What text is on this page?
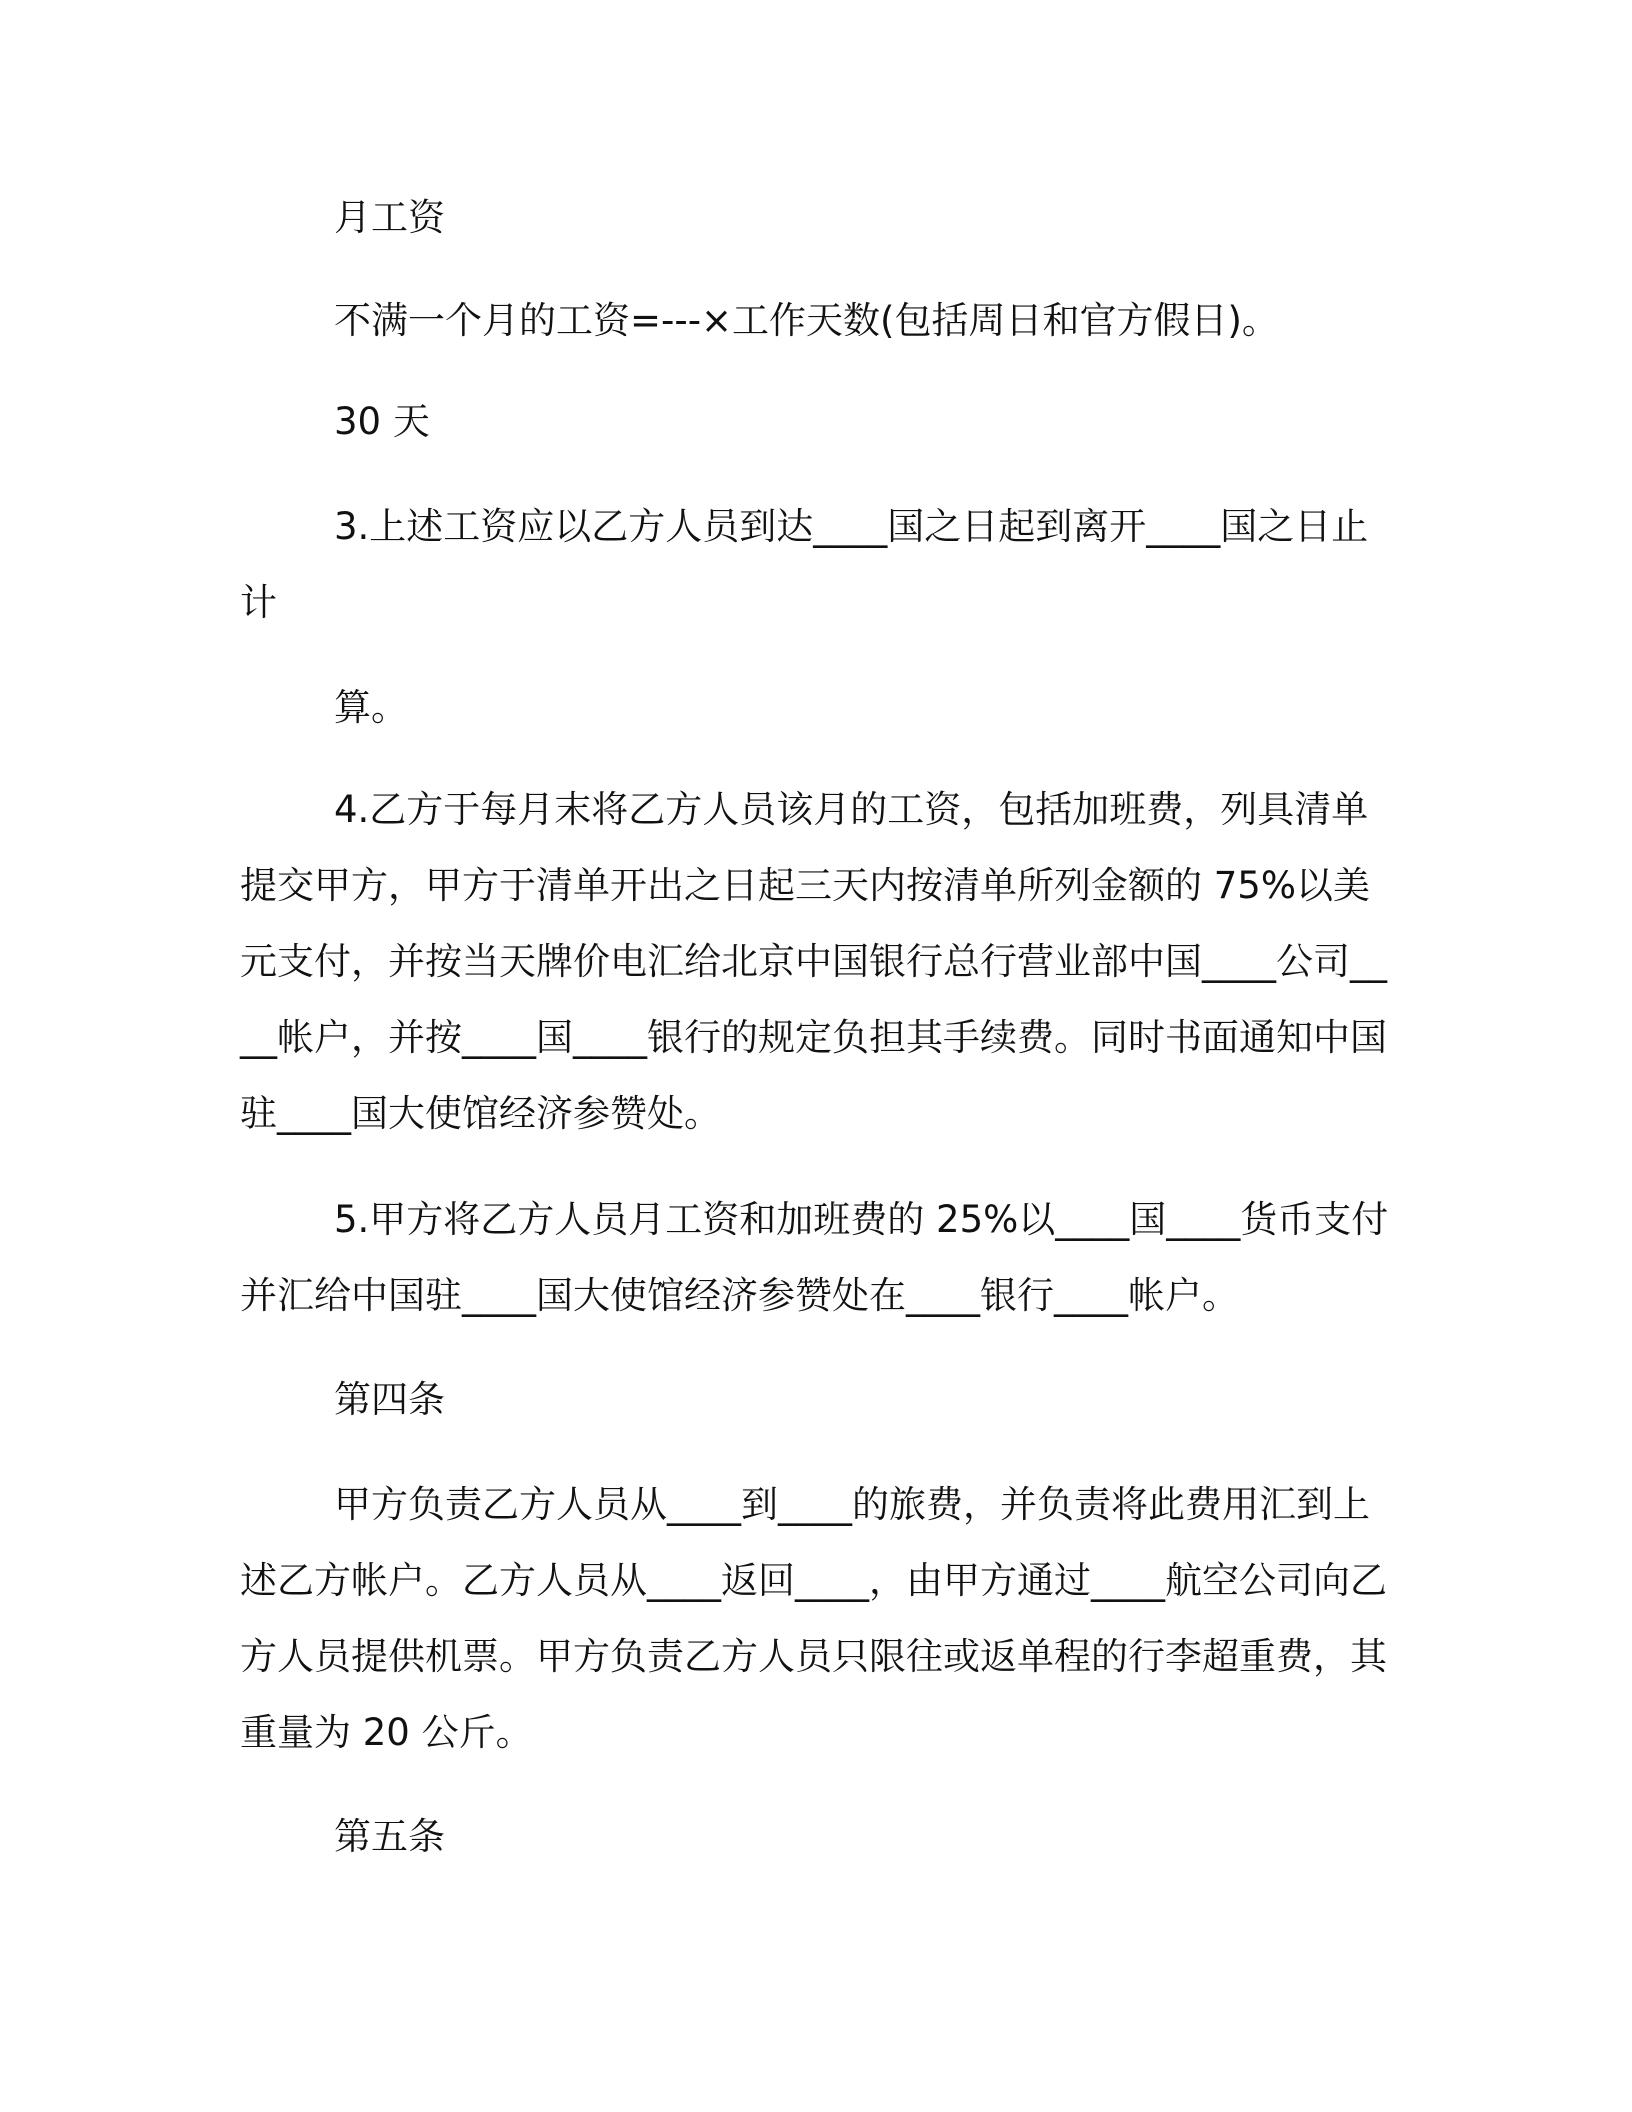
月工资

不满一个月的工资=---×工作天数(包括周日和官方假日)。

30 天

3.上述工资应以乙方人员到达____国之日起到离开____国之日止计

算。

4.乙方于每月末将乙方人员该月的工资，包括加班费，列具清单提交甲方，甲方于清单开出之日起三天内按清单所列金额的 75%以美元支付，并按当天牌价电汇给北京中国银行总行营业部中国____公司____帐户，并按____国____银行的规定负担其手续费。同时书面通知中国驻____国大使馆经济参赞处。

5.甲方将乙方人员月工资和加班费的 25%以____国____货币支付并汇给中国驻____国大使馆经济参赞处在____银行____帐户。

第四条

甲方负责乙方人员从____到____的旅费，并负责将此费用汇到上述乙方帐户。乙方人员从____返回____，由甲方通过____航空公司向乙方人员提供机票。甲方负责乙方人员只限往或返单程的行李超重费，其重量为 20 公斤。

第五条
